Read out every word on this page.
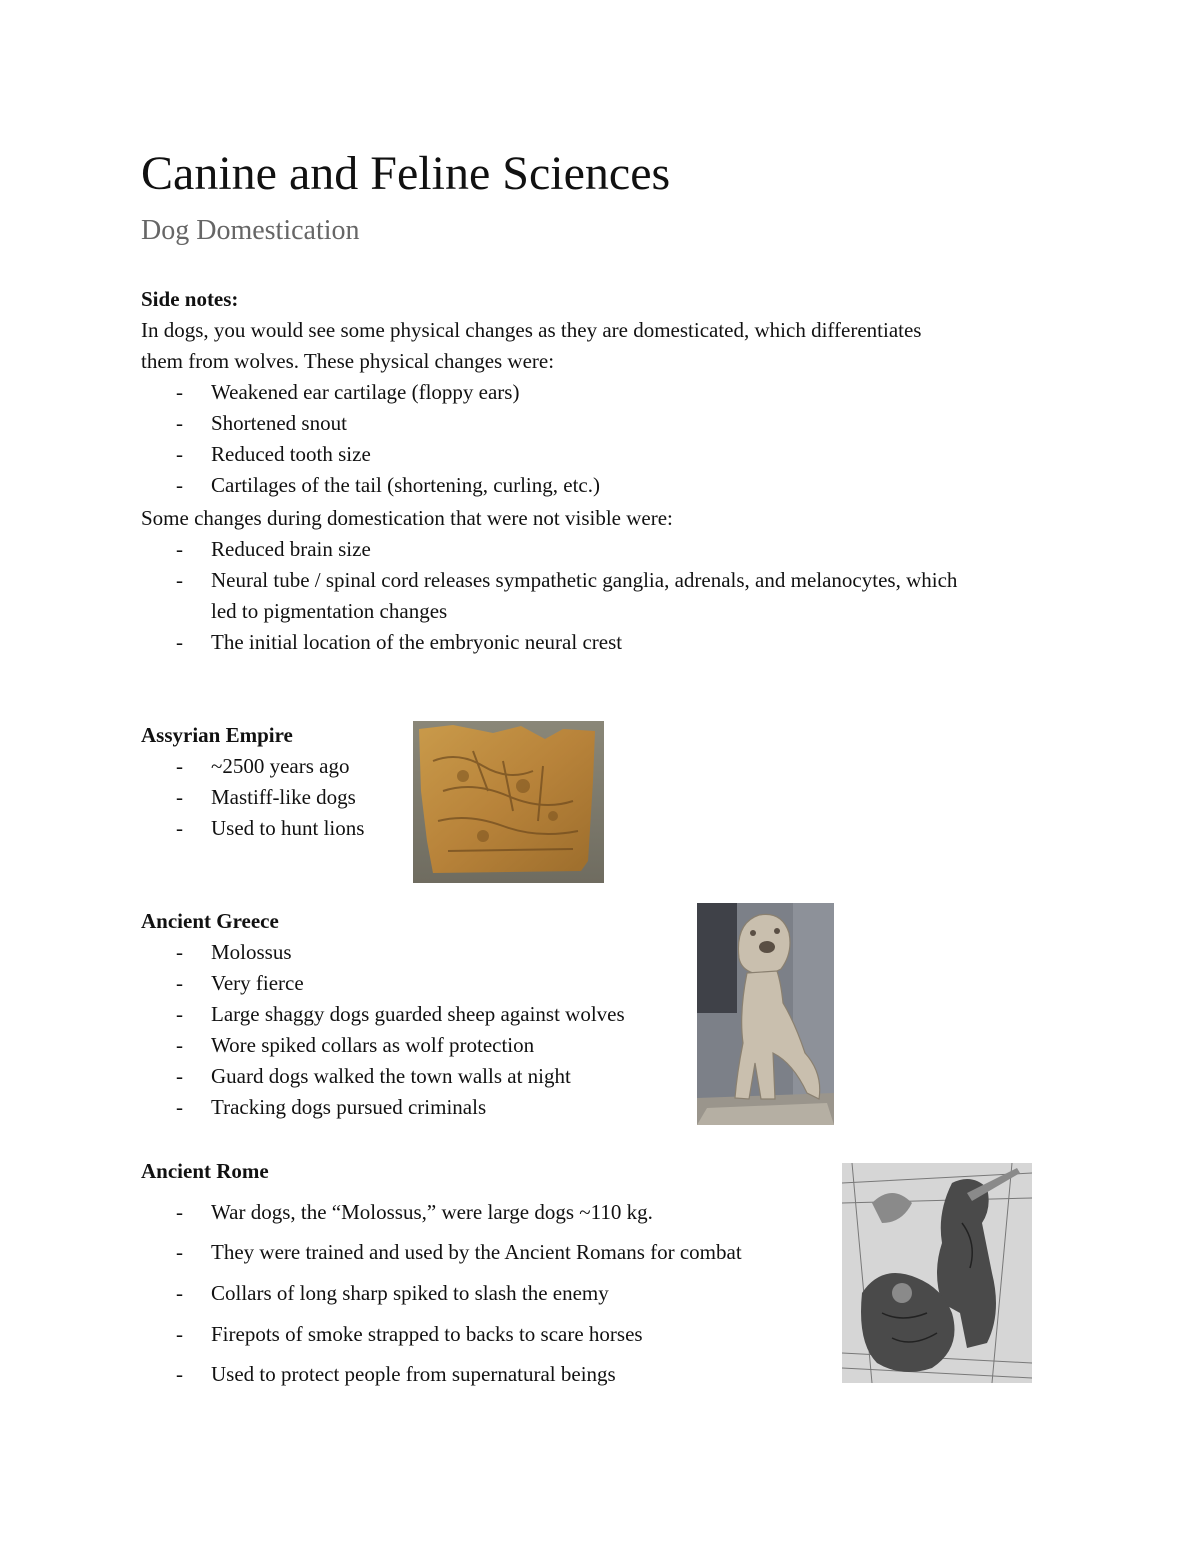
Canine and Feline Sciences
Dog Domestication
Side notes:
In dogs, you would see some physical changes as they are domesticated, which differentiates
them from wolves. These physical changes were:
- Weakened ear cartilage (floppy ears)
- Shortened snout
- Reduced tooth size
- Cartilages of the tail (shortening, curling, etc.)
Some changes during domestication that were not visible were:
- Reduced brain size
- Neural tube / spinal cord releases sympathetic ganglia, adrenals, and melanocytes, which
led to pigmentation changes
- The initial location of the embryonic neural crest
Assyrian Empire
- ~2500 years ago
- Mastiff-like dogs
- Used to hunt lions
Ancient Greece
- Molossus
- Very fierce
- Large shaggy dogs guarded sheep against wolves
- Wore spiked collars as wolf protection
- Guard dogs walked the town walls at night
- Tracking dogs pursued criminals
Ancient Rome
- War dogs, the “Molossus,” were large dogs ~110 kg.
- They were trained and used by the Ancient Romans for combat
- Collars of long sharp spiked to slash the enemy
- Firepots of smoke strapped to backs to scare horses
- Used to protect people from supernatural beings
